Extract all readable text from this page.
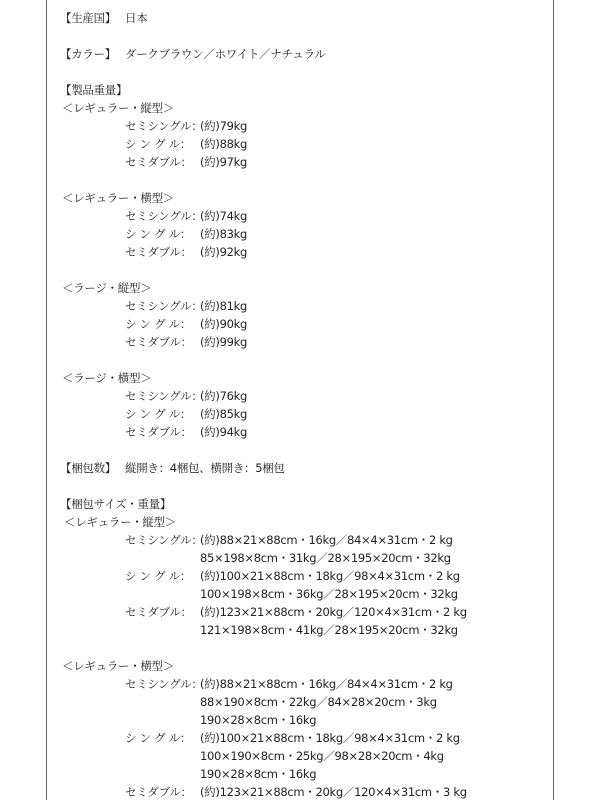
【生産国】 日本
【カラー】 ダークブラウン／ホワイト／ナチュラル
【製品重量】
＜レギュラー・縦型＞
セミシングル：
(約)79kg
シ ン グ ル： (約)88kg
セミダブル： (約)97kg
＜レギュラー・横型＞
セミシングル：
(約)74kg
シ ン グ ル： (約)83kg
セミダブル： (約)92kg
＜ラージ・縦型＞
セミシングル：
(約)81kg
シ ン グ ル： (約)90kg
セミダブル： (約)99kg
＜ラージ・横型＞
セミシングル：
(約)76kg
シ ン グ ル： (約)85kg
セミダブル： (約)94kg
【梱包数】 縦開き：4梱包、横開き：5梱包
【梱包サイズ・重量】
＜レギュラー・縦型＞
セミシングル：
(約)88×21×88cm・16kg／84×4×31cm・2 kg
85×198×8cm・31kg／28×195×20cm・32kg
シ ン グ ル： (約)100×21×88cm・18kg／98×4×31cm・2 kg
100×198×8cm・36kg／28×195×20cm・32kg
セミダブル： (約)123×21×88cm・20kg／120×4×31cm・2 kg
121×198×8cm・41kg／28×195×20cm・32kg
＜レギュラー・横型＞
セミシングル：
(約)88×21×88cm・16kg／84×4×31cm・2 kg
88×190×8cm・22kg／84×28×20cm・3kg
190×28×8cm・16kg
シ ン グ ル： (約)100×21×88cm・18kg／98×4×31cm・2 kg
100×190×8cm・25kg／98×28×20cm・4kg
190×28×8cm・16kg
セミダブル： (約)123×21×88cm・20kg／120×4×31cm・3 kg
